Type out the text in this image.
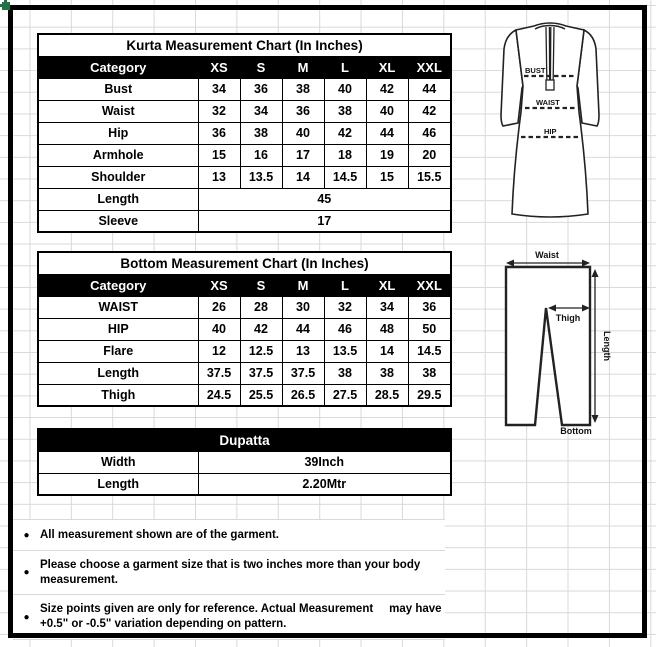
Kurta Measurement Chart (In Inches)						
Category	XS	S	M	L	XL	XXL
Bust	34	36	38	40	42	44
Waist	32	34	36	38	40	42
Hip	36	38	40	42	44	46
Armhole	15	16	17	18	19	20
Shoulder	13	13.5	14	14.5	15	15.5
Length	45					
Sleeve	17					
Bottom Measurement Chart (In Inches)						
Category	XS	S	M	L	XL	XXL
WAIST	26	28	30	32	34	36
HIP	40	42	44	46	48	50
Flare	12	12.5	13	13.5	14	14.5
Length	37.5	37.5	37.5	38	38	38
Thigh	24.5	25.5	26.5	27.5	28.5	29.5
Dupatta	
Width	39Inch
Length	2.20Mtr
● All measurement shown are of the garment.
●
Please choose a garment size that is two inches more than your body
measurement.
●
Size points given are only for reference. Actual Measurement     may have
+0.5" or -0.5" variation depending on pattern.
BUST
WAIST
HIP
Waist
Thigh
Length
Bottom
